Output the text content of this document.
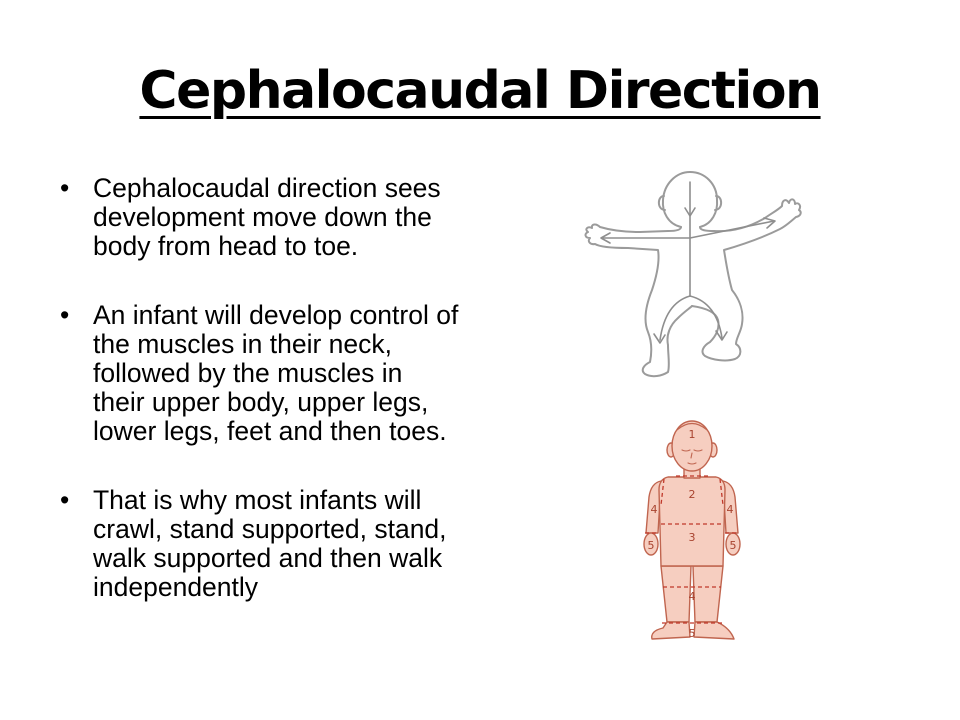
Cephalocaudal Direction
• Cephalocaudal direction sees
development move down the
body from head to toe.
• An infant will develop control of
the muscles in their neck,
followed by the muscles in
their upper body, upper legs,
lower legs, feet and then toes.
• That is why most infants will
crawl, stand supported, stand,
walk supported and then walk
independently
1
2
3
4	4
4
5	5
5
